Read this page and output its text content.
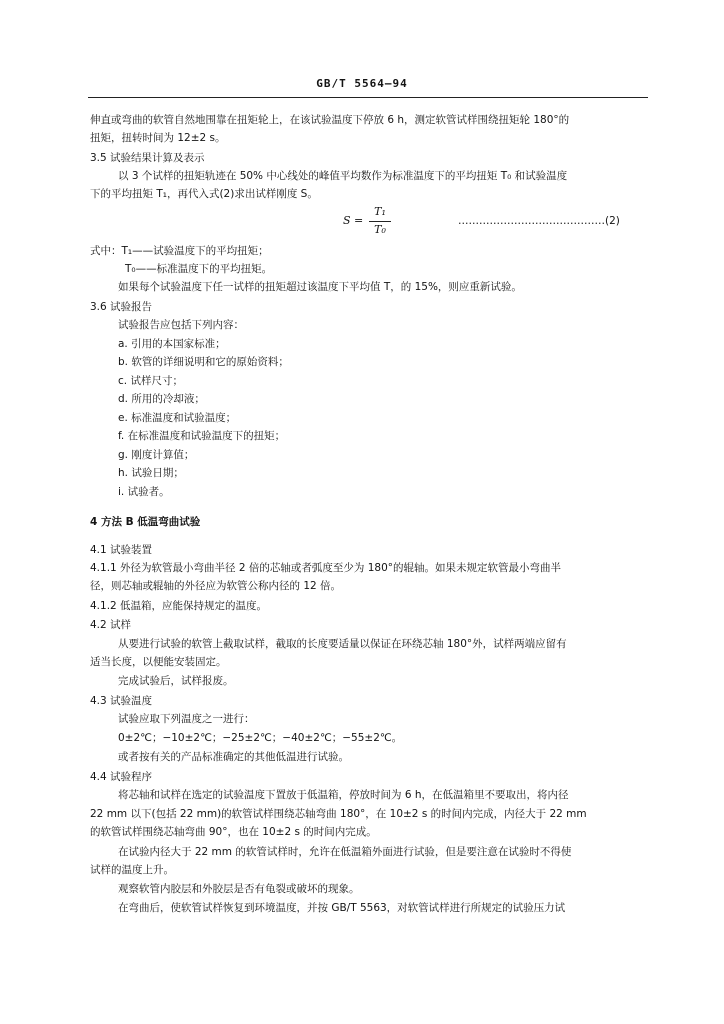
GB/T 5564—94
伸直或弯曲的软管自然地围靠在扭矩轮上，在该试验温度下停放 6 h，测定软管试样围绕扭矩轮 180°的
扭矩，扭转时间为 12±2 s。
3.5 试验结果计算及表示
以 3 个试样的扭矩轨迹在 50% 中心线处的峰值平均数作为标准温度下的平均扭矩 T₀ 和试验温度
下的平均扭矩 T₁，再代入式(2)求出试样刚度 S。
S =
T₁
T₀
……………………………………(2)
式中：T₁——试验温度下的平均扭矩；
T₀——标准温度下的平均扭矩。
如果每个试验温度下任一试样的扭矩超过该温度下平均值 T，的 15%，则应重新试验。
3.6 试验报告
试验报告应包括下列内容：
a. 引用的本国家标准；
b. 软管的详细说明和它的原始资料；
c. 试样尺寸；
d. 所用的冷却液；
e. 标准温度和试验温度；
f. 在标准温度和试验温度下的扭矩；
g. 刚度计算值；
h. 试验日期；
i. 试验者。
4 方法 B 低温弯曲试验
4.1 试验装置
4.1.1 外径为软管最小弯曲半径 2 倍的芯轴或者弧度至少为 180°的辊轴。如果未规定软管最小弯曲半
径，则芯轴或辊轴的外径应为软管公称内径的 12 倍。
4.1.2 低温箱，应能保持规定的温度。
4.2 试样
从要进行试验的软管上截取试样，截取的长度要适量以保证在环绕芯轴 180°外，试样两端应留有
适当长度，以便能安装固定。
完成试验后，试样报废。
4.3 试验温度
试验应取下列温度之一进行：
0±2℃；−10±2℃；−25±2℃；−40±2℃；−55±2℃。
或者按有关的产品标准确定的其他低温进行试验。
4.4 试验程序
将芯轴和试样在选定的试验温度下置放于低温箱，停放时间为 6 h，在低温箱里不要取出，将内径
22 mm 以下(包括 22 mm)的软管试样围绕芯轴弯曲 180°，在 10±2 s 的时间内完成，内径大于 22 mm
的软管试样围绕芯轴弯曲 90°，也在 10±2 s 的时间内完成。
在试验内径大于 22 mm 的软管试样时，允许在低温箱外面进行试验，但是要注意在试验时不得使
试样的温度上升。
观察软管内胶层和外胶层是否有龟裂或破坏的现象。
在弯曲后，使软管试样恢复到环境温度，并按 GB/T 5563，对软管试样进行所规定的试验压力试
